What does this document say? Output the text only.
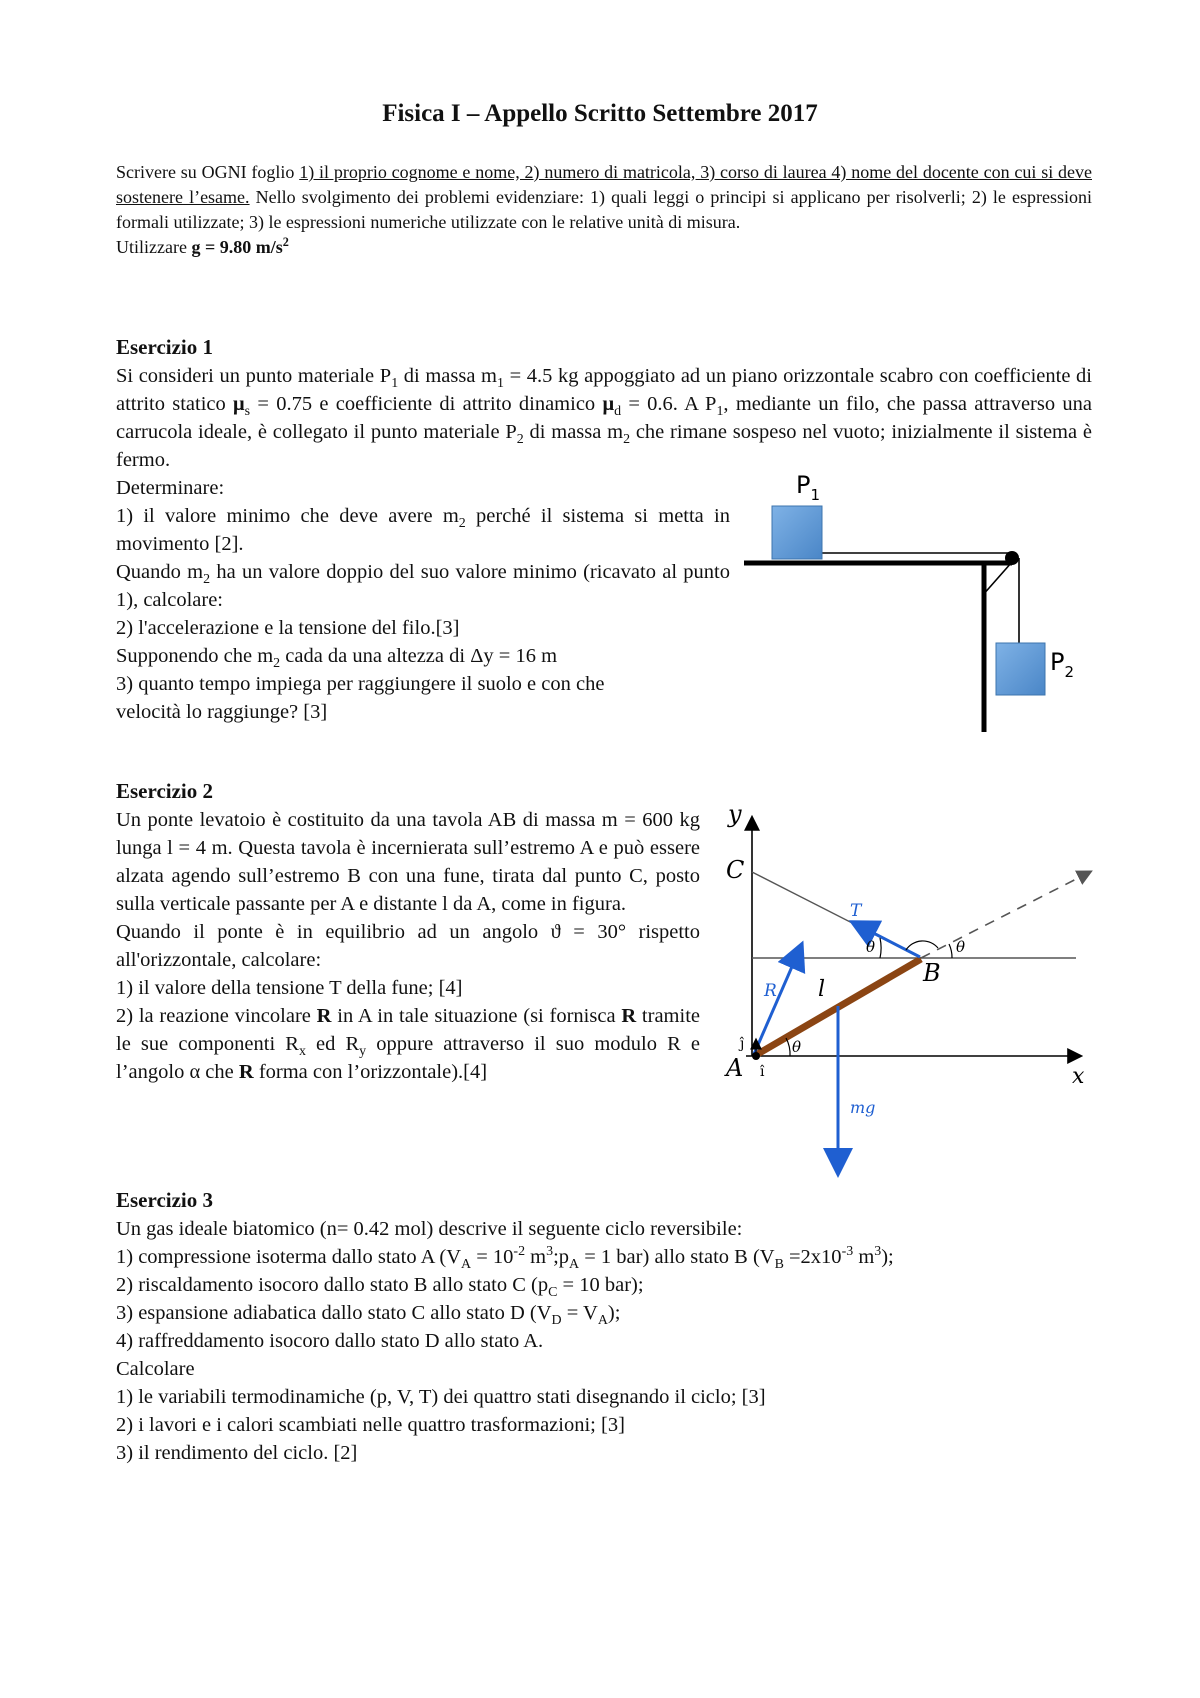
Fisica I – Appello Scritto Settembre 2017
Scrivere su OGNI foglio 1) il proprio cognome e nome, 2) numero di matricola, 3) corso di laurea 4) nome del docente con cui si deve sostenere l’esame. Nello svolgimento dei problemi evidenziare: 1) quali leggi o principi si applicano per risolverli; 2) le espressioni formali utilizzate; 3) le espressioni numeriche utilizzate con le relative unità di misura.
Utilizzare g = 9.80 $m/s^2$
Esercizio 1
Si consideri un punto materiale $P_1$ di massa $m_1 = 4.5$ kg appoggiato ad un piano orizzontale scabro con coefficiente di attrito statico $\mu_s = 0.75$ e coefficiente di attrito dinamico $\mu_d = 0.6$. A $P_1$, mediante un filo, che passa attraverso una carrucola ideale, è collegato il punto materiale $P_2$ di massa $m_2$ che rimane sospeso nel vuoto; inizialmente il sistema è fermo.
Determinare:
1) il valore minimo che deve avere $m_2$ perché il sistema si metta in movimento [2].
Quando $m_2$ ha un valore doppio del suo valore minimo (ricavato al punto 1), calcolare:
2) l'accelerazione e la tensione del filo.[3]
Supponendo che $m_2$ cada da una altezza di Δy = 16 m
3) quanto tempo impiega per raggiungere il suolo e con che velocità lo raggiunge? [3]
$P_1$
$P_2$
Esercizio 2
Un ponte levatoio è costituito da una tavola AB di massa m = 600 kg lunga l = 4 m. Questa tavola è incernierata sull’estremo A e può essere alzata agendo sull’estremo B con una fune, tirata dal punto C, posto sulla verticale passante per A e distante l da A, come in figura.
Quando il ponte è in equilibrio ad un angolo ϑ = 30° rispetto all'orizzontale, calcolare:
1) il valore della tensione T della fune; [4]
2) la reazione vincolare R in A in tale situazione (si fornisca R tramite le sue componenti $R_x$ ed $R_y$ oppure attraverso il suo modulo R e l’angolo α che R forma con l’orizzontale).[4]
y
x
C
A
B
T
R l
θ
θ	θ
mg
î
ĵ
Esercizio 3
Un gas ideale biatomico (n= 0.42 mol) descrive il seguente ciclo reversibile:
1) compressione isoterma dallo stato A ($V_A = 10^{-2}$ $m^3;p_A = 1$ bar) allo stato B ($V_B =2x10^{-3}$ $m^3$);
2) riscaldamento isocoro dallo stato B allo stato C ($p_C = 10$ bar);
3) espansione adiabatica dallo stato C allo stato D $(V_D = V_A)$;
4) raffreddamento isocoro dallo stato D allo stato A.
Calcolare
1) le variabili termodinamiche (p, V, T) dei quattro stati disegnando il ciclo; [3]
2) i lavori e i calori scambiati nelle quattro trasformazioni; [3]
3) il rendimento del ciclo. [2]
